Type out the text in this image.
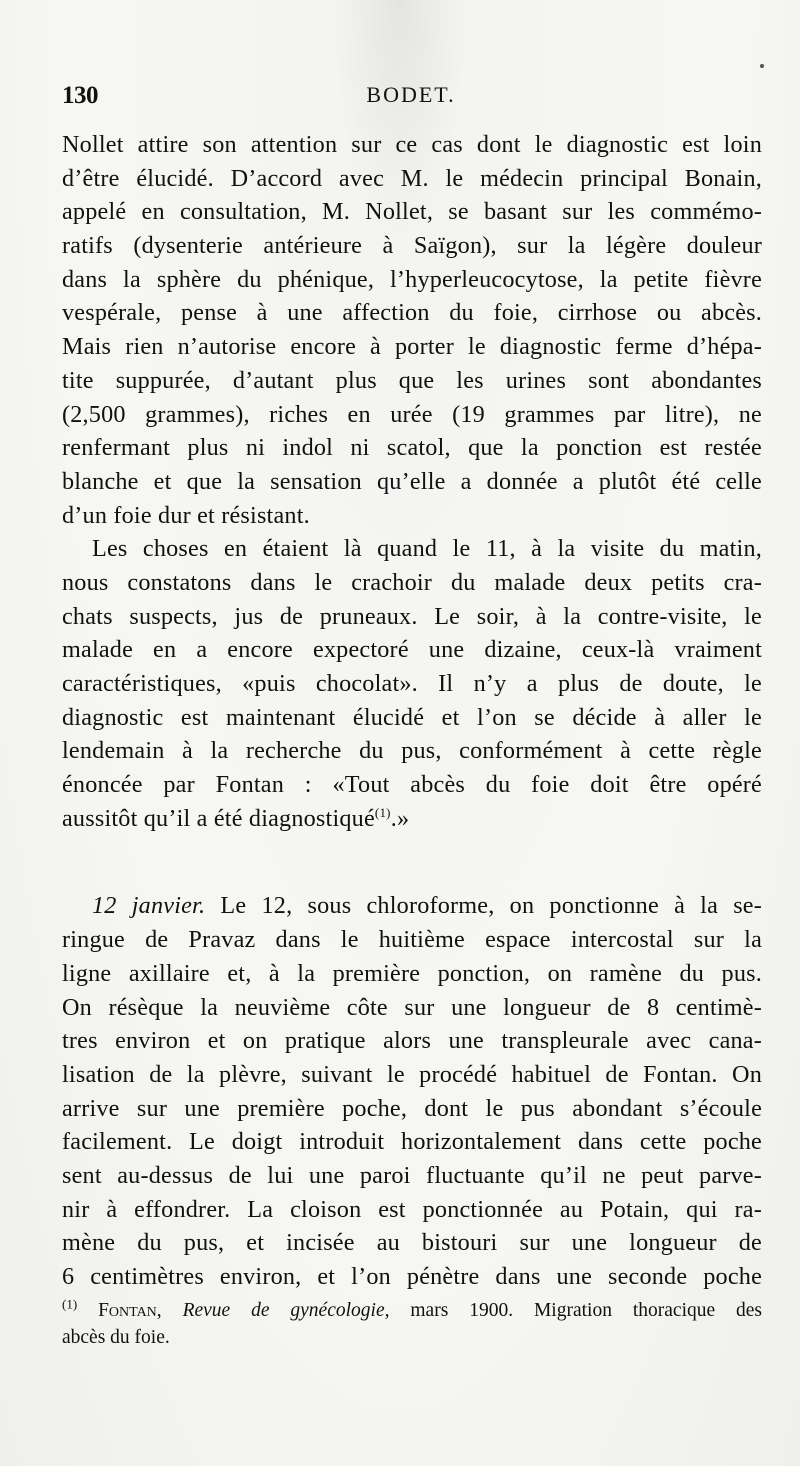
130	BODET.

Nollet attire son attention sur ce cas dont le diagnostic est loin
d’être élucidé. D’accord avec M. le médecin principal Bonain,
appelé en consultation, M. Nollet, se basant sur les commémo-
ratifs (dysenterie antérieure à Saïgon), sur la légère douleur
dans la sphère du phénique, l’hyperleucocytose, la petite fièvre
vespérale, pense à une affection du foie, cirrhose ou abcès.
Mais rien n’autorise encore à porter le diagnostic ferme d’hépa-
tite suppurée, d’autant plus que les urines sont abondantes
(2,500 grammes), riches en urée (19 grammes par litre), ne
renfermant plus ni indol ni scatol, que la ponction est restée
blanche et que la sensation qu’elle a donnée a plutôt été celle
d’un foie dur et résistant.

Les choses en étaient là quand le 11, à la visite du matin,
nous constatons dans le crachoir du malade deux petits cra-
chats suspects, jus de pruneaux. Le soir, à la contre-visite, le
malade en a encore expectoré une dizaine, ceux-là vraiment
caractéristiques, «puis chocolat». Il n’y a plus de doute, le
diagnostic est maintenant élucidé et l’on se décide à aller le
lendemain à la recherche du pus, conformément à cette règle
énoncée par Fontan : «Tout abcès du foie doit être opéré
aussitôt qu’il a été diagnostiqué$^{(1)}$.»

12 janvier. Le 12, sous chloroforme, on ponctionne à la se-
ringue de Pravaz dans le huitième espace intercostal sur la
ligne axillaire et, à la première ponction, on ramène du pus.
On résèque la neuvième côte sur une longueur de 8 centimè-
tres environ et on pratique alors une transpleurale avec cana-
lisation de la plèvre, suivant le procédé habituel de Fontan. On
arrive sur une première poche, dont le pus abondant s’écoule
facilement. Le doigt introduit horizontalement dans cette poche
sent au-dessus de lui une paroi fluctuante qu’il ne peut parve-
nir à effondrer. La cloison est ponctionnée au Potain, qui ra-
mène du pus, et incisée au bistouri sur une longueur de
6 centimètres environ, et l’on pénètre dans une seconde poche

$^{(1)}$ Fontan, Revue de gynécologie, mars 1900. Migration thoracique des
abcès du foie.
